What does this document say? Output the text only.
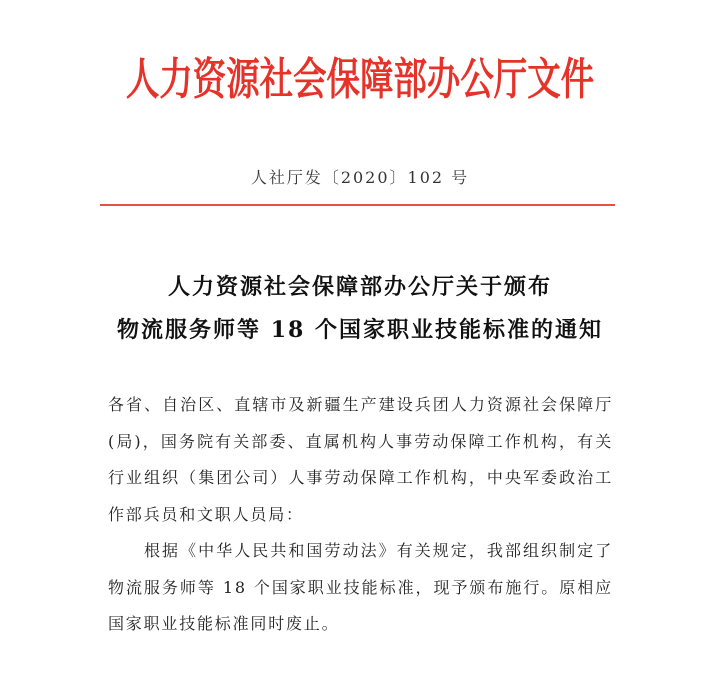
人力资源社会保障部办公厅文件
人社厅发〔2020〕102 号
人力资源社会保障部办公厅关于颁布
物流服务师等 18 个国家职业技能标准的通知
各省、自治区、直辖市及新疆生产建设兵团人力资源社会保障厅
(局)，国务院有关部委、直属机构人事劳动保障工作机构，有关
行业组织（集团公司）人事劳动保障工作机构，中央军委政治工
作部兵员和文职人员局：
根据《中华人民共和国劳动法》有关规定，我部组织制定了
物流服务师等 18 个国家职业技能标准，现予颁布施行。原相应
国家职业技能标准同时废止。
